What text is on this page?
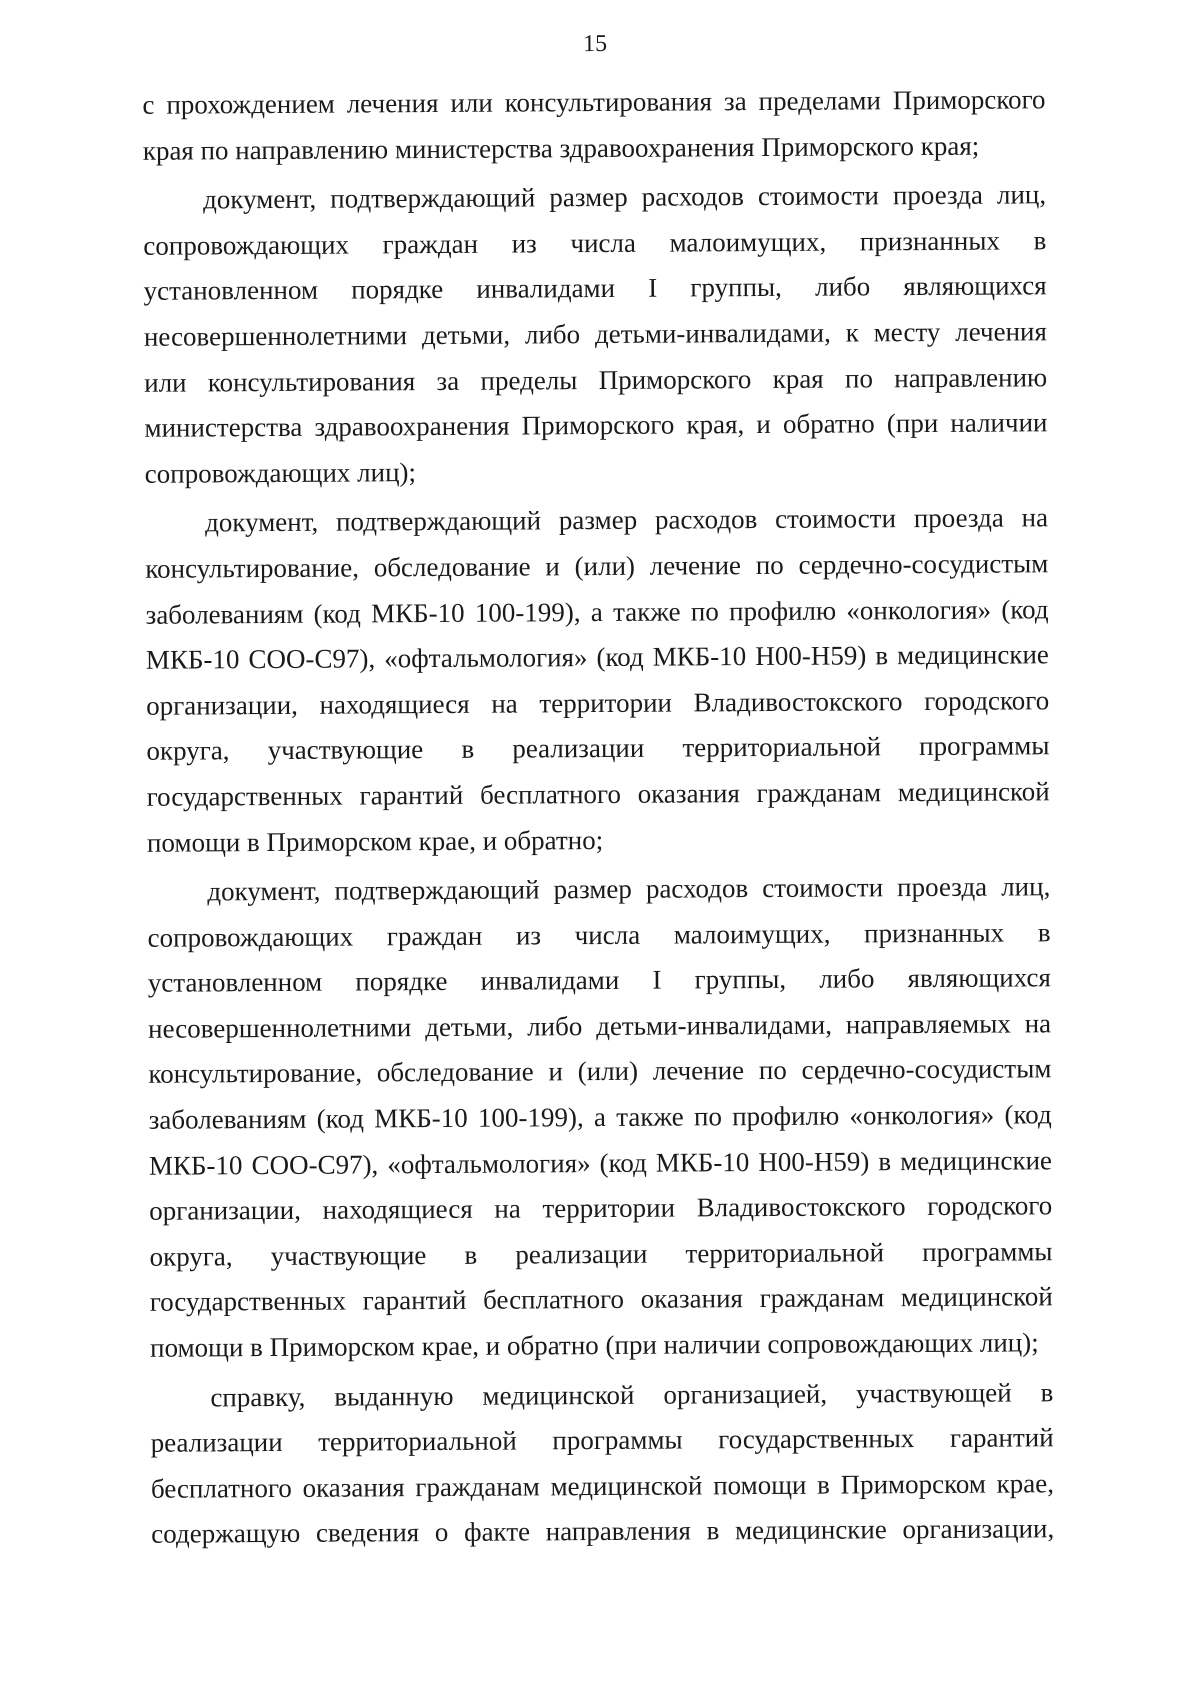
15

с прохождением лечения или консультирования за пределами Приморского края по направлению министерства здравоохранения Приморского края;

документ, подтверждающий размер расходов стоимости проезда лиц, сопровождающих граждан из числа малоимущих, признанных в установленном порядке инвалидами I группы, либо являющихся несовершеннолетними детьми, либо детьми-инвалидами, к месту лечения или консультирования за пределы Приморского края по направлению министерства здравоохранения Приморского края, и обратно (при наличии сопровождающих лиц);

документ, подтверждающий размер расходов стоимости проезда на консультирование, обследование и (или) лечение по сердечно-сосудистым заболеваниям (код МКБ-10 100-199), а также по профилю «онкология» (код МКБ-10 СОО-С97), «офтальмология» (код МКБ-10 Н00-Н59) в медицинские организации, находящиеся на территории Владивостокского городского округа, участвующие в реализации территориальной программы государственных гарантий бесплатного оказания гражданам медицинской помощи в Приморском крае, и обратно;

документ, подтверждающий размер расходов стоимости проезда лиц, сопровождающих граждан из числа малоимущих, признанных в установленном порядке инвалидами I группы, либо являющихся несовершеннолетними детьми, либо детьми-инвалидами, направляемых на консультирование, обследование и (или) лечение по сердечно-сосудистым заболеваниям (код МКБ-10 100-199), а также по профилю «онкология» (код МКБ-10 СОО-С97), «офтальмология» (код МКБ-10 Н00-Н59) в медицинские организации, находящиеся на территории Владивостокского городского округа, участвующие в реализации территориальной программы государственных гарантий бесплатного оказания гражданам медицинской помощи в Приморском крае, и обратно (при наличии сопровождающих лиц);

справку, выданную медицинской организацией, участвующей в реализации территориальной программы государственных гарантий бесплатного оказания гражданам медицинской помощи в Приморском крае, содержащую сведения о факте направления в медицинские организации,
